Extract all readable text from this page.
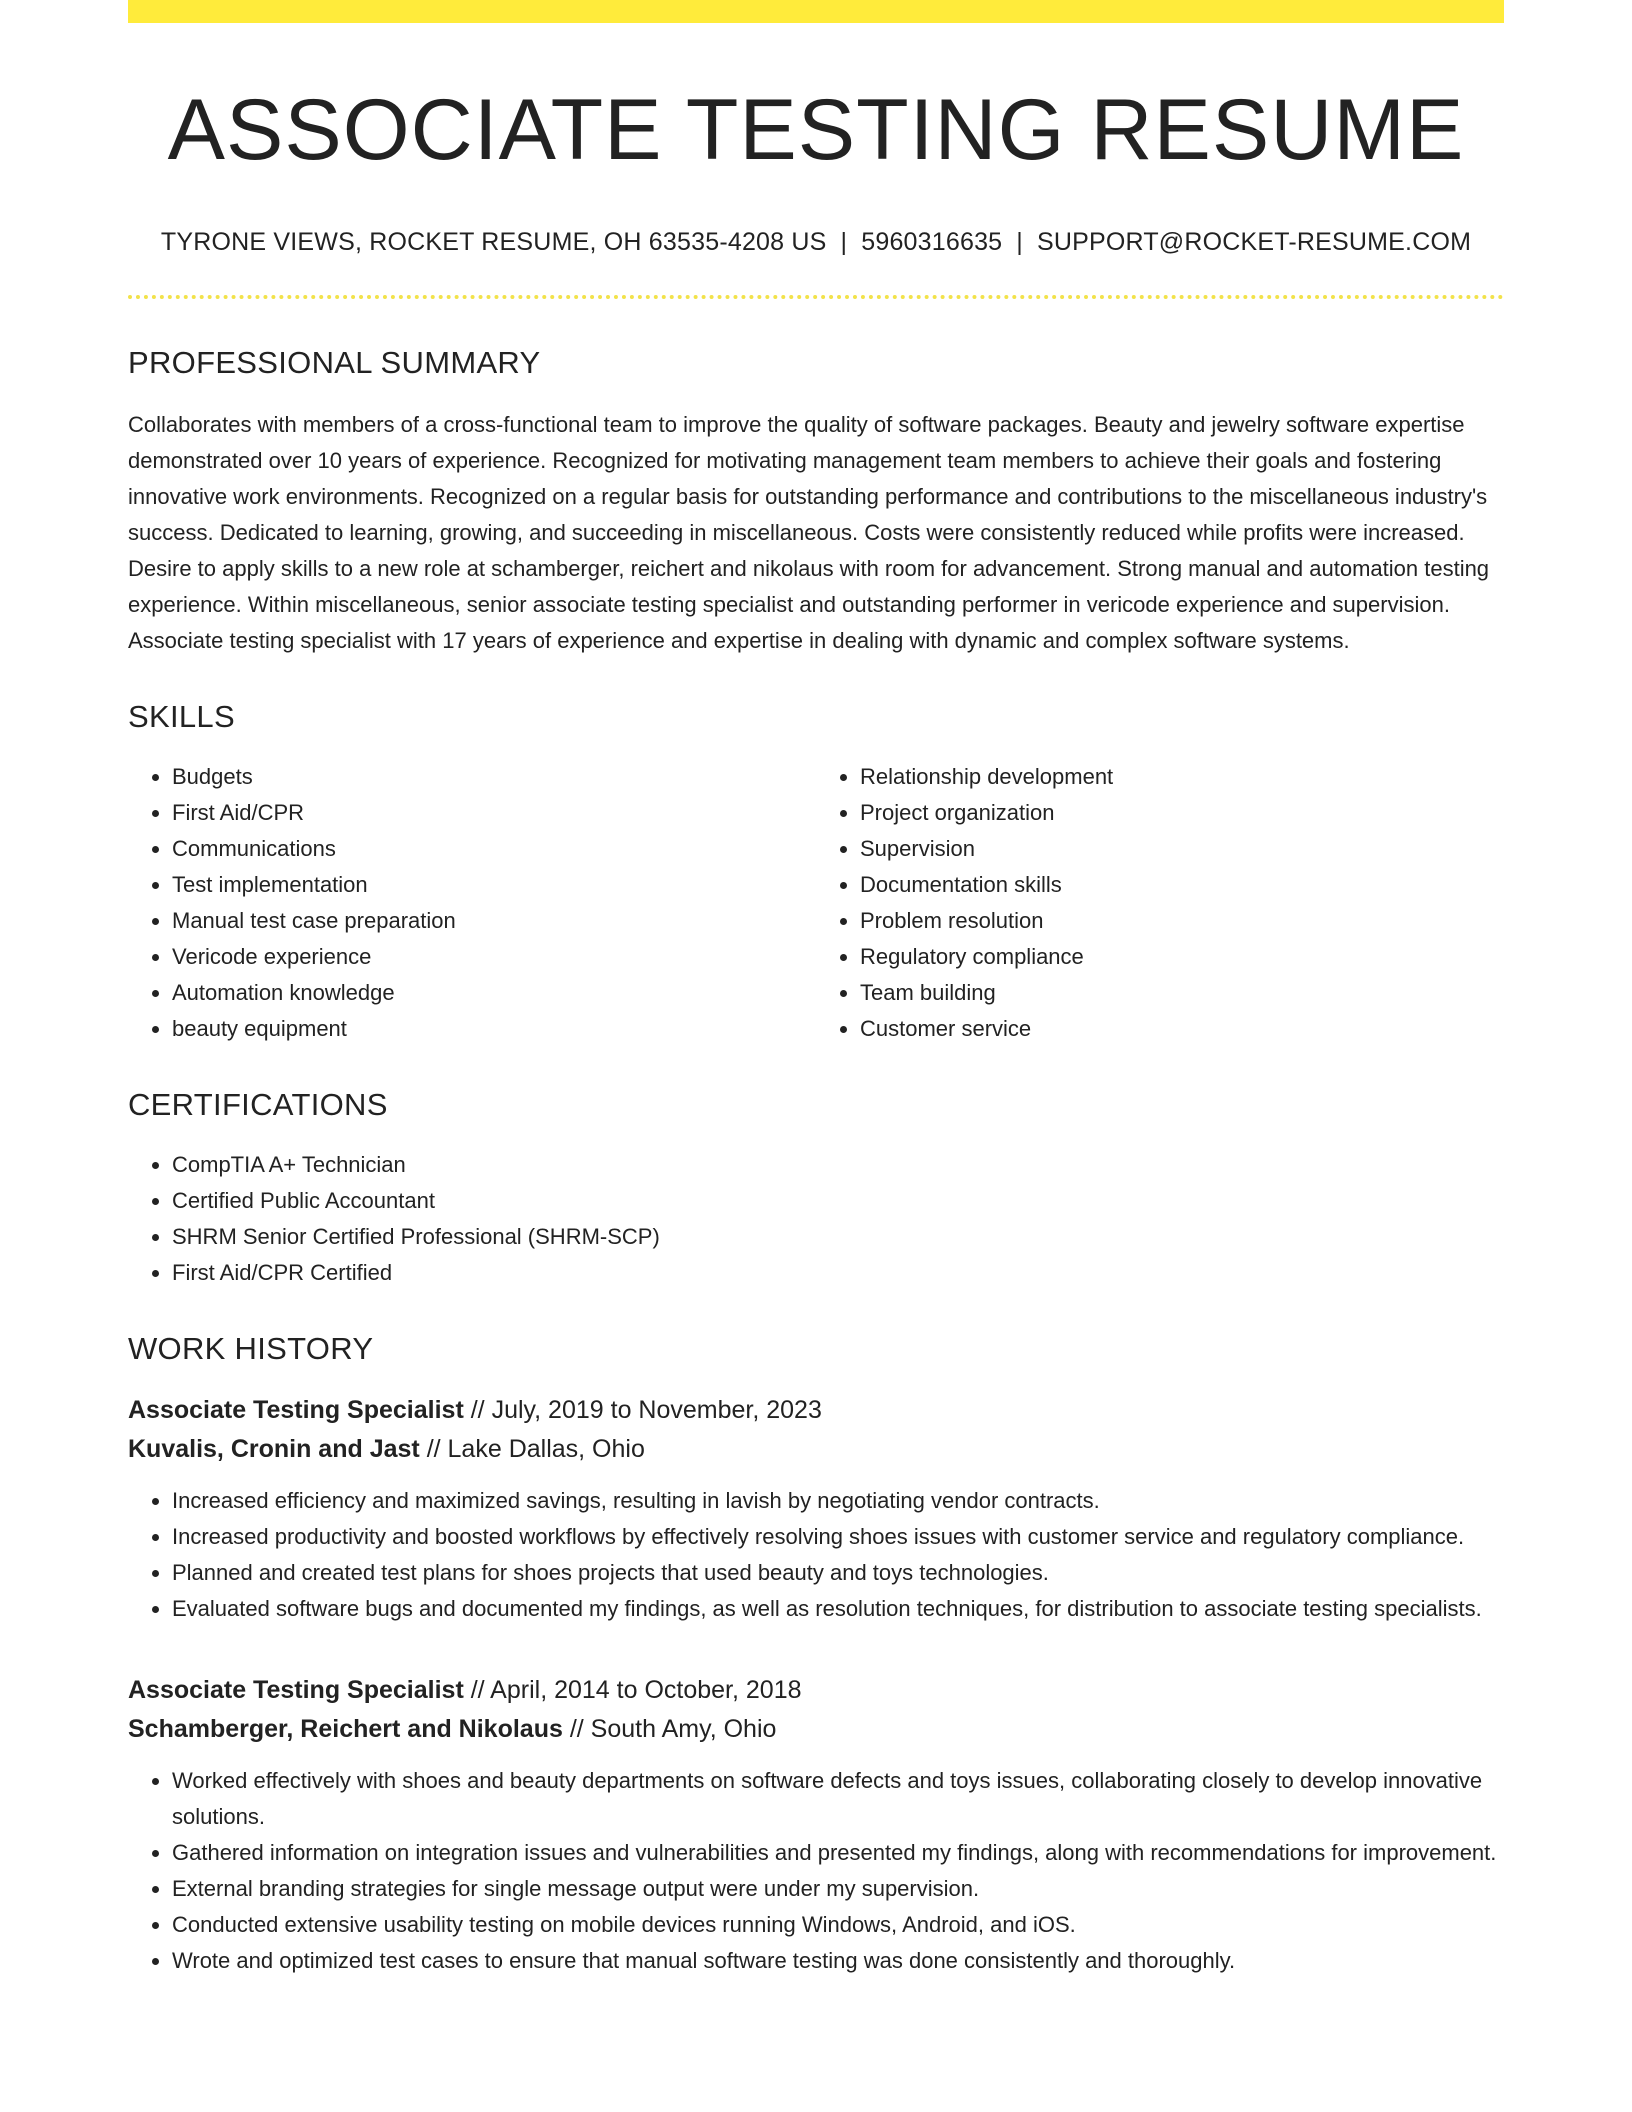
ASSOCIATE TESTING RESUME
TYRONE VIEWS, ROCKET RESUME, OH 63535-4208 US | 5960316635 | SUPPORT@ROCKET-RESUME.COM
PROFESSIONAL SUMMARY
Collaborates with members of a cross-functional team to improve the quality of software packages. Beauty and jewelry software expertise demonstrated over 10 years of experience. Recognized for motivating management team members to achieve their goals and fostering innovative work environments. Recognized on a regular basis for outstanding performance and contributions to the miscellaneous industry's success. Dedicated to learning, growing, and succeeding in miscellaneous. Costs were consistently reduced while profits were increased. Desire to apply skills to a new role at schamberger, reichert and nikolaus with room for advancement. Strong manual and automation testing experience. Within miscellaneous, senior associate testing specialist and outstanding performer in vericode experience and supervision. Associate testing specialist with 17 years of experience and expertise in dealing with dynamic and complex software systems.
SKILLS
• Budgets
• First Aid/CPR
• Communications
• Test implementation
• Manual test case preparation
• Vericode experience
• Automation knowledge
• beauty equipment
• Relationship development
• Project organization
• Supervision
• Documentation skills
• Problem resolution
• Regulatory compliance
• Team building
• Customer service
CERTIFICATIONS
• CompTIA A+ Technician
• Certified Public Accountant
• SHRM Senior Certified Professional (SHRM-SCP)
• First Aid/CPR Certified
WORK HISTORY
Associate Testing Specialist // July, 2019 to November, 2023
Kuvalis, Cronin and Jast // Lake Dallas, Ohio
• Increased efficiency and maximized savings, resulting in lavish by negotiating vendor contracts.
• Increased productivity and boosted workflows by effectively resolving shoes issues with customer service and regulatory compliance.
• Planned and created test plans for shoes projects that used beauty and toys technologies.
• Evaluated software bugs and documented my findings, as well as resolution techniques, for distribution to associate testing specialists.
Associate Testing Specialist // April, 2014 to October, 2018
Schamberger, Reichert and Nikolaus // South Amy, Ohio
• Worked effectively with shoes and beauty departments on software defects and toys issues, collaborating closely to develop innovative solutions.
• Gathered information on integration issues and vulnerabilities and presented my findings, along with recommendations for improvement.
• External branding strategies for single message output were under my supervision.
• Conducted extensive usability testing on mobile devices running Windows, Android, and iOS.
• Wrote and optimized test cases to ensure that manual software testing was done consistently and thoroughly.
